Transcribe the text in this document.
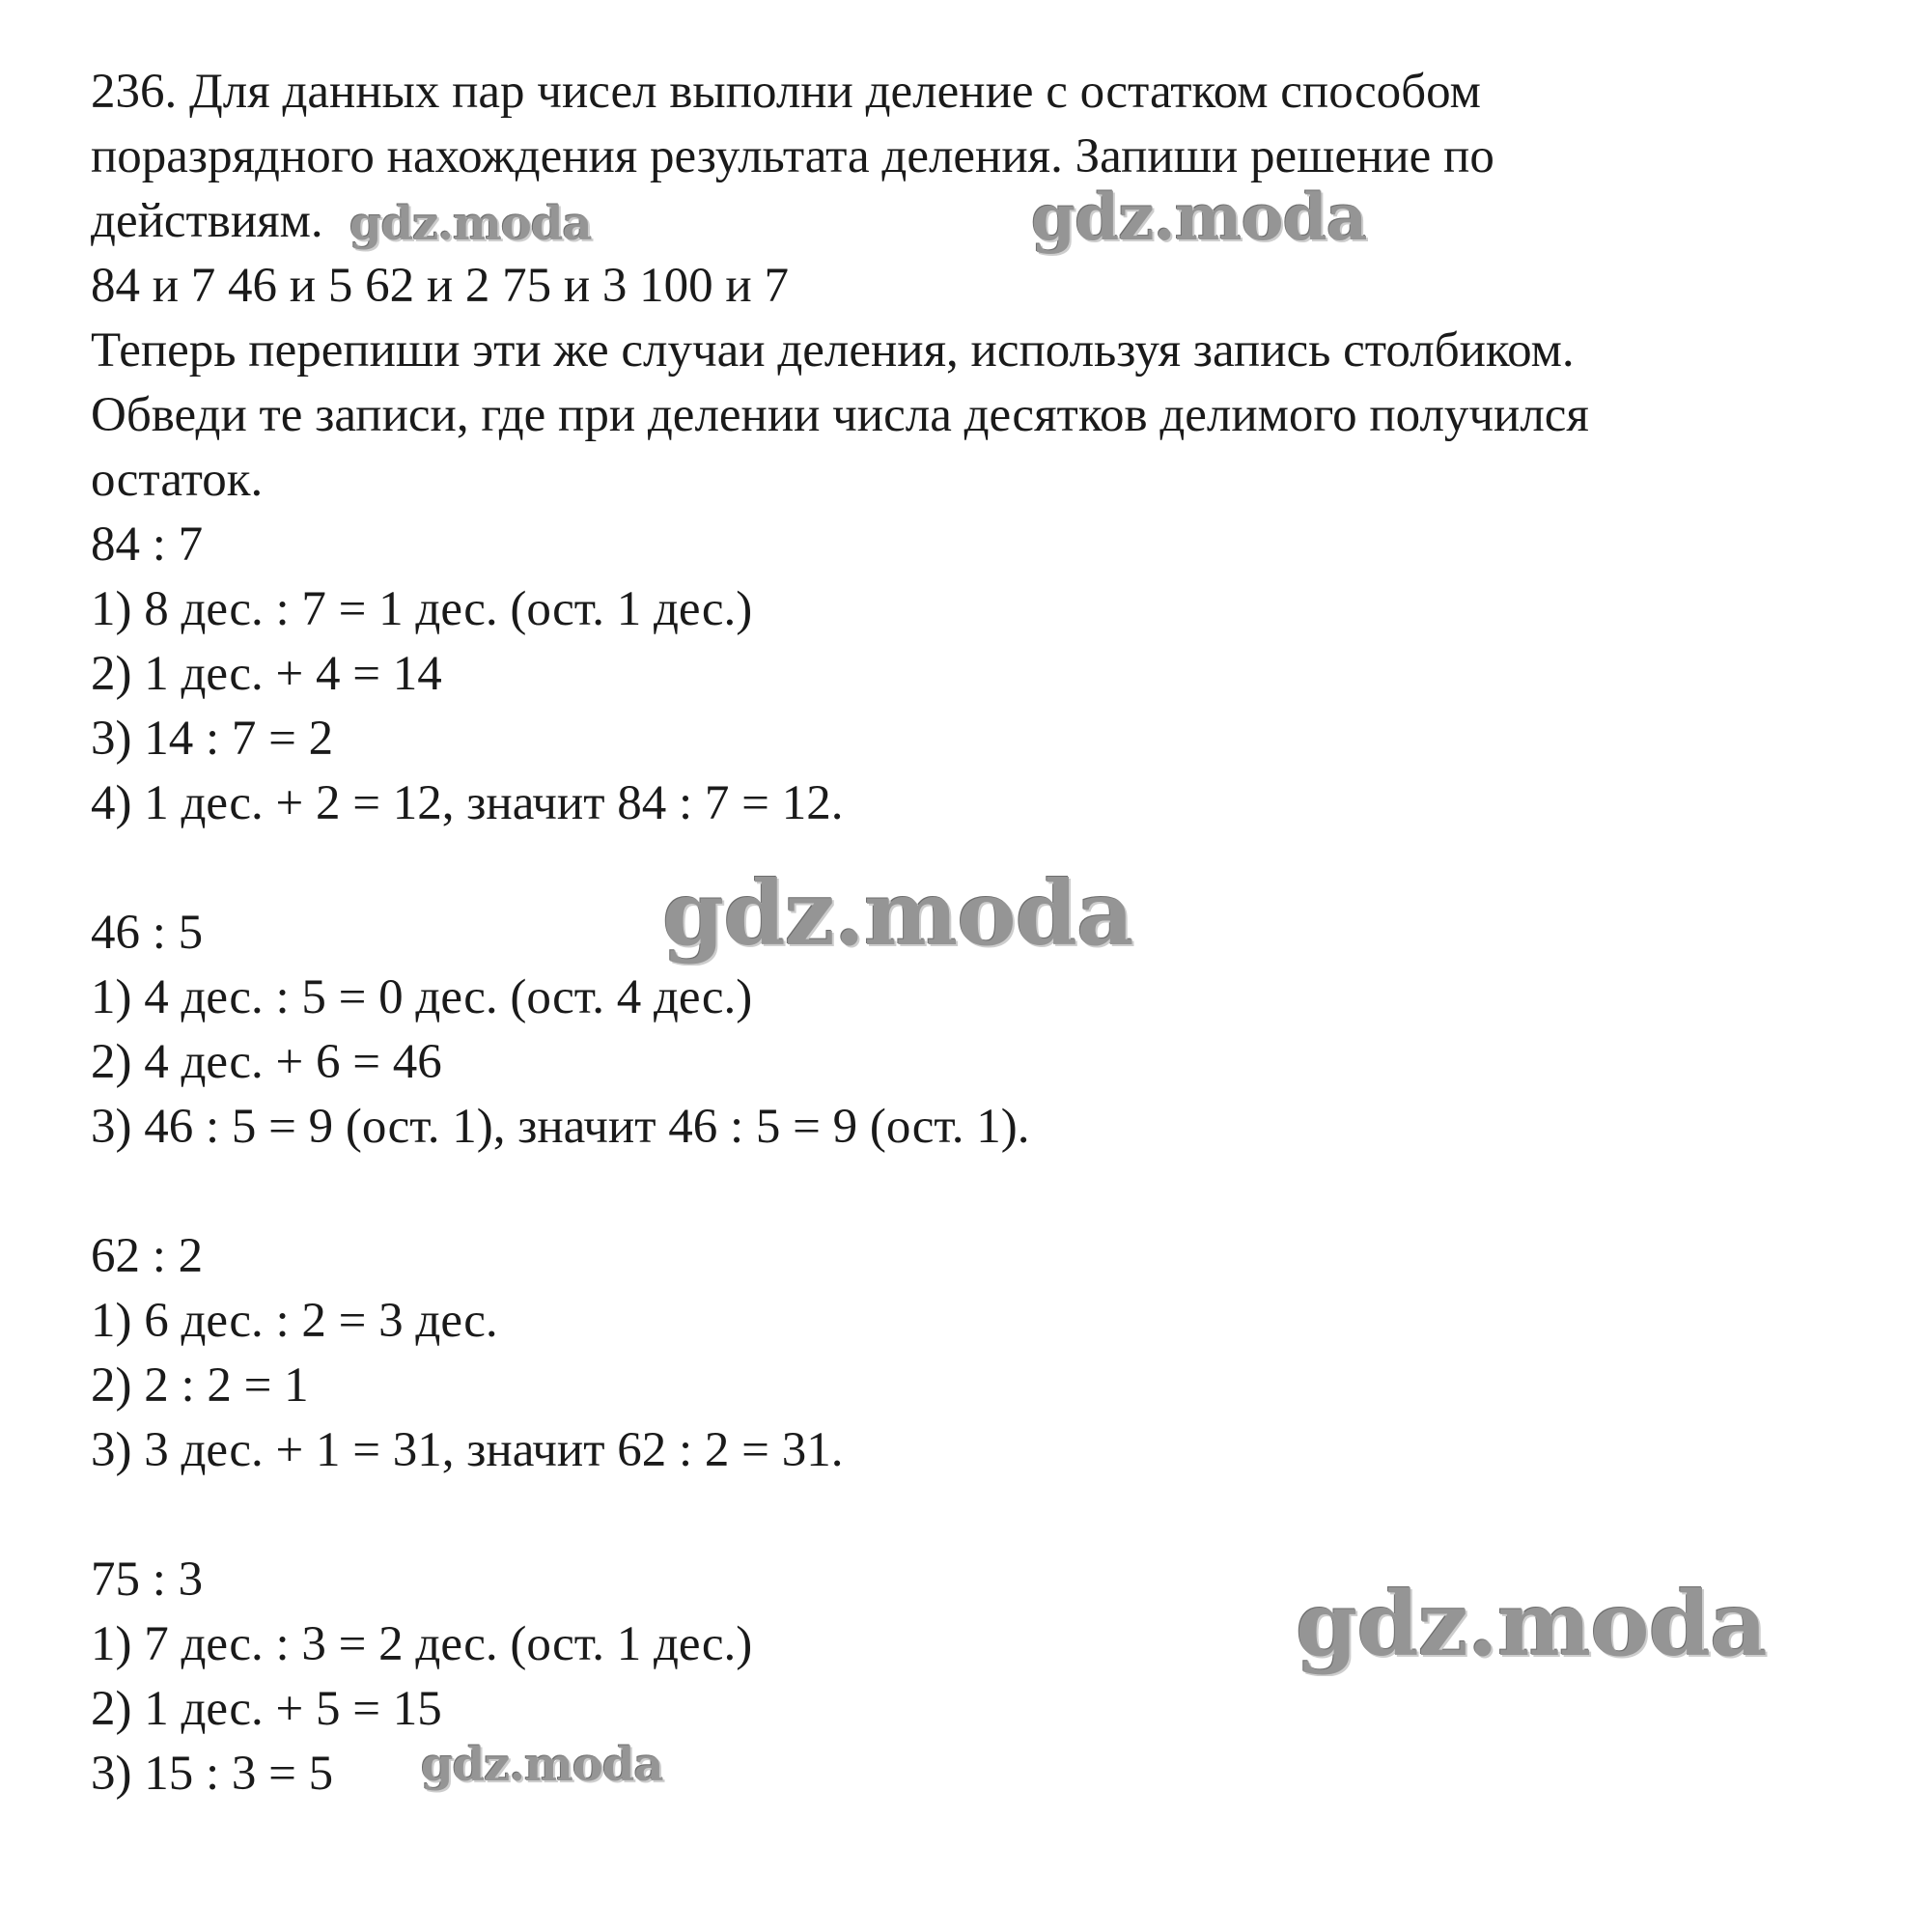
236. Для данных пар чисел выполни деление с остатком способом
поразрядного нахождения результата деления. Запиши решение по
действиям.
84 и 7 46 и 5 62 и 2 75 и 3 100 и 7
Теперь перепиши эти же случаи деления, используя запись столбиком.
Обведи те записи, где при делении числа десятков делимого получился
остаток.
84 : 7
1) 8 дес. : 7 = 1 дес. (ост. 1 дес.)
2) 1 дес. + 4 = 14
3) 14 : 7 = 2
4) 1 дес. + 2 = 12, значит 84 : 7 = 12.
46 : 5
1) 4 дес. : 5 = 0 дес. (ост. 4 дес.)
2) 4 дес. + 6 = 46
3) 46 : 5 = 9 (ост. 1), значит 46 : 5 = 9 (ост. 1).
62 : 2
1) 6 дес. : 2 = 3 дес.
2) 2 : 2 = 1
3) 3 дес. + 1 = 31, значит 62 : 2 = 31.
75 : 3
1) 7 дес. : 3 = 2 дес. (ост. 1 дес.)
2) 1 дес. + 5 = 15
3) 15 : 3 = 5
gdz.moda	gdz.moda
gdz.moda
gdz.moda
gdz.moda
